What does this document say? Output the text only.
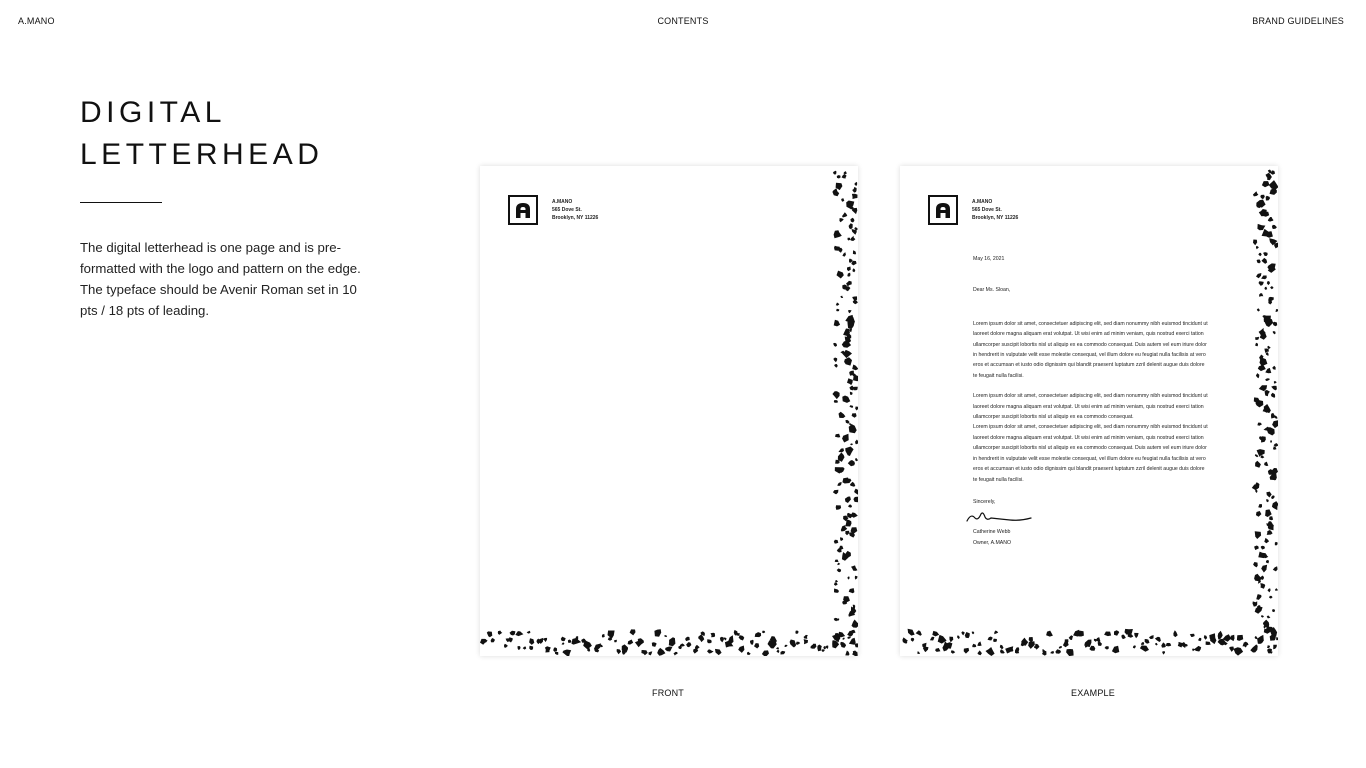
A.MANO	CONTENTS	BRAND GUIDELINES
DIGITAL
LETTERHEAD

The digital letterhead is one page and is pre-formatted with the logo and pattern on the edge. The typeface should be Avenir Roman set in 10 pts / 18 pts of leading.

A.MANO
565 Dove St.
Brooklyn, NY 11226
A.MANO
565 Dove St.
Brooklyn, NY 11226

May 16, 2021

Dear Ms. Sloan,

Lorem ipsum dolor sit amet, consectetuer adipiscing elit, sed diam nonummy nibh euismod tincidunt ut laoreet dolore magna aliquam erat volutpat. Ut wisi enim ad minim veniam, quis nostrud exerci tation ullamcorper suscipit lobortis nisl ut aliquip ex ea commodo consequat. Duis autem vel eum iriure dolor in hendrerit in vulputate velit esse molestie consequat, vel illum dolore eu feugiat nulla facilisis at vero eros et accumsan et iusto odio dignissim qui blandit praesent luptatum zzril delenit augue duis dolore te feugait nulla facilisi.

Lorem ipsum dolor sit amet, consectetuer adipiscing elit, sed diam nonummy nibh euismod tincidunt ut laoreet dolore magna aliquam erat volutpat. Ut wisi enim ad minim veniam, quis nostrud exerci tation ullamcorper suscipit lobortis nisl ut aliquip ex ea commodo consequat.

Lorem ipsum dolor sit amet, consectetuer adipiscing elit, sed diam nonummy nibh euismod tincidunt ut laoreet dolore magna aliquam erat volutpat. Ut wisi enim ad minim veniam, quis nostrud exerci tation ullamcorper suscipit lobortis nisl ut aliquip ex ea commodo consequat. Duis autem vel eum iriure dolor in hendrerit in vulputate velit esse molestie consequat, vel illum dolore eu feugiat nulla facilisis at vero eros et accumsan et iusto odio dignissim qui blandit praesent luptatum zzril delenit augue duis dolore te feugait nulla facilisi.

Sincerely,

Catherine Webb

Owner, A.MANO

FRONT	EXAMPLE
